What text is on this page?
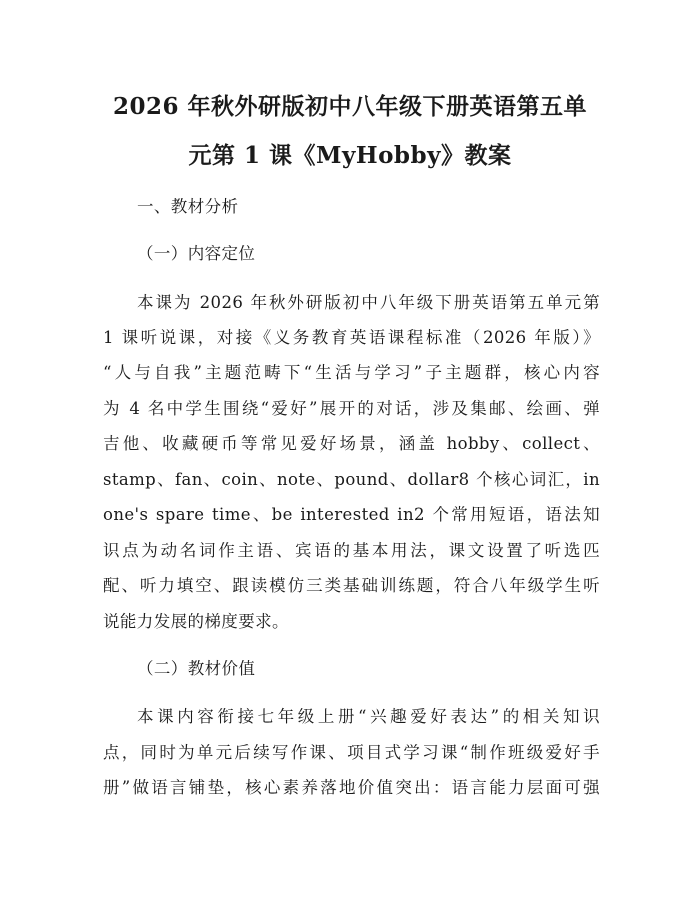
2026 年秋外研版初中八年级下册英语第五单
元第 1 课《MyHobby》教案
一、教材分析
（一）内容定位
本课为 2026 年秋外研版初中八年级下册英语第五单元第
1 课听说课，对接《义务教育英语课程标准（2026 年版）》
“人与自我”主题范畴下“生活与学习”子主题群，核心内容
为 4 名中学生围绕“爱好”展开的对话，涉及集邮、绘画、弹
吉他、收藏硬币等常见爱好场景，涵盖 hobby、collect、
stamp、fan、coin、note、pound、dollar8 个核心词汇，in
one's spare time、be interested in2 个常用短语，语法知
识点为动名词作主语、宾语的基本用法，课文设置了听选匹
配、听力填空、跟读模仿三类基础训练题，符合八年级学生听
说能力发展的梯度要求。
（二）教材价值
本课内容衔接七年级上册“兴趣爱好表达”的相关知识
点，同时为单元后续写作课、项目式学习课“制作班级爱好手
册”做语言铺垫，核心素养落地价值突出：语言能力层面可强
